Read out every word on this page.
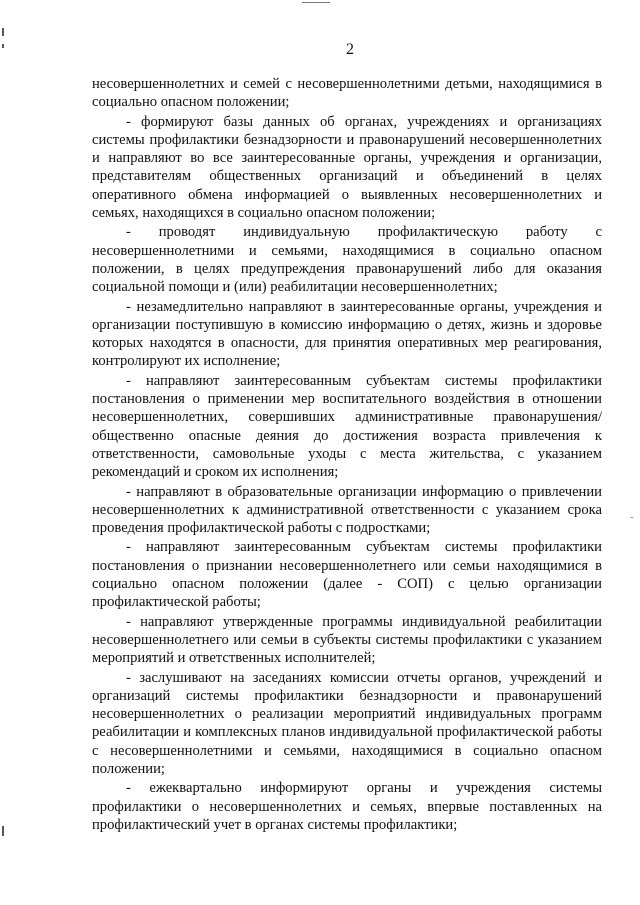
-
2

несовершеннолетних и семей с несовершеннолетними детьми, находящимися в социально опасном положении;

- формируют базы данных об органах, учреждениях и организациях системы профилактики безнадзорности и правонарушений несовершеннолетних и направляют во все заинтересованные органы, учреждения и организации, представителям общественных организаций и объединений в целях оперативного обмена информацией о выявленных несовершеннолетних и семьях, находящихся в социально опасном положении;

- проводят индивидуальную профилактическую работу с несовершеннолетними и семьями, находящимися в социально опасном положении, в целях предупреждения правонарушений либо для оказания социальной помощи и (или) реабилитации несовершеннолетних;

- незамедлительно направляют в заинтересованные органы, учреждения и организации поступившую в комиссию информацию о детях, жизнь и здоровье которых находятся в опасности, для принятия оперативных мер реагирования, контролируют их исполнение;

- направляют заинтересованным субъектам системы профилактики постановления о применении мер воспитательного воздействия в отношении несовершеннолетних, совершивших административные правонарушения/ общественно опасные деяния до достижения возраста привлечения к ответственности, самовольные уходы с места жительства, с указанием рекомендаций и сроком их исполнения;

- направляют в образовательные организации информацию о привлечении несовершеннолетних к административной ответственности с указанием срока проведения профилактической работы с подростками;

- направляют заинтересованным субъектам системы профилактики постановления о признании несовершеннолетнего или семьи находящимися в социально опасном положении (далее - СОП) с целью организации профилактической работы;

- направляют утвержденные программы индивидуальной реабилитации несовершеннолетнего или семьи в субъекты системы профилактики с указанием мероприятий и ответственных исполнителей;

- заслушивают на заседаниях комиссии отчеты органов, учреждений и организаций системы профилактики безнадзорности и правонарушений несовершеннолетних о реализации мероприятий индивидуальных программ реабилитации и комплексных планов индивидуальной профилактической работы с несовершеннолетними и семьями, находящимися в социально опасном положении;

- ежеквартально информируют органы и учреждения системы профилактики о несовершеннолетних и семьях, впервые поставленных на профилактический учет в органах системы профилактики;
